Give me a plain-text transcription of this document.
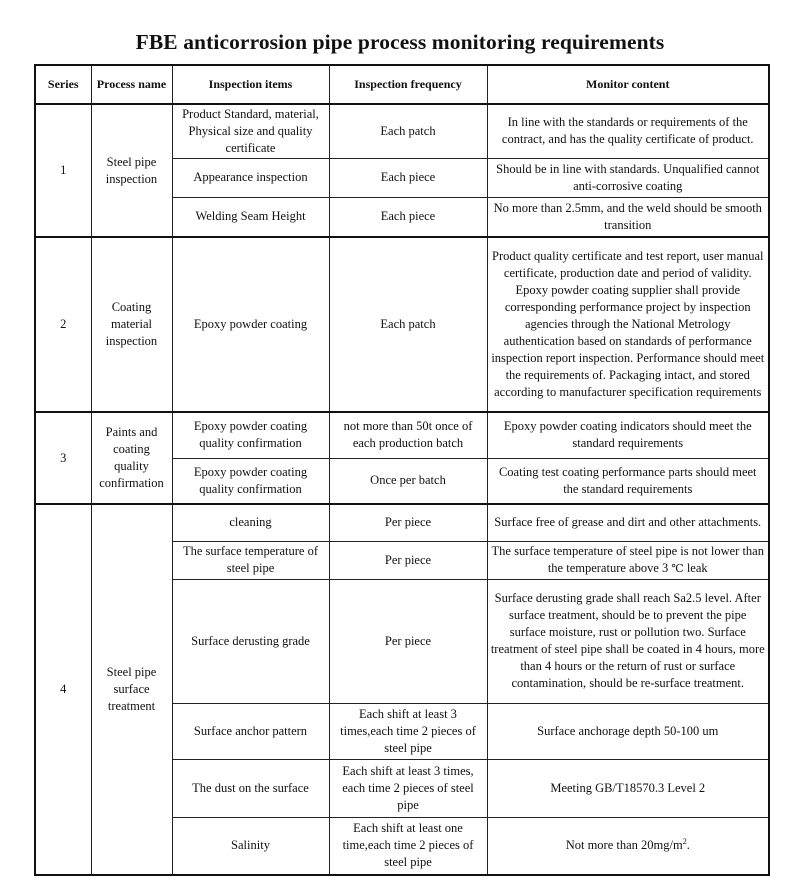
FBE anticorrosion pipe process monitoring requirements
Series	Process name	Inspection items	Inspection frequency	Monitor content
1	Steel pipe inspection	Product Standard, material, Physical size and quality certificate	Each patch	In line with the standards or requirements of the contract, and has the quality certificate of product.
		Appearance inspection	Each piece	Should be in line with standards. Unqualified cannot anti-corrosive coating
		Welding Seam Height	Each piece	No more than 2.5mm, and the weld should be smooth transition
2	Coating material inspection	Epoxy powder coating	Each patch	Product quality certificate and test report, user manual certificate, production date and period of validity. Epoxy powder coating supplier shall provide corresponding performance project by inspection agencies through the National Metrology authentication based on standards of performance inspection report inspection. Performance should meet the requirements of. Packaging intact, and stored according to manufacturer specification requirements
3	Paints and coating quality confirmation	Epoxy powder coating quality confirmation	not more than 50t once of each production batch	Epoxy powder coating indicators should meet the standard requirements
		Epoxy powder coating quality confirmation	Once per batch	Coating test coating performance parts should meet the standard requirements
4	Steel pipe surface treatment	cleaning	Per piece	Surface free of grease and dirt and other attachments.
		The surface temperature of steel pipe	Per piece	The surface temperature of steel pipe is not lower than the temperature above 3 ℃ leak
		Surface derusting grade	Per piece	Surface derusting grade shall reach Sa2.5 level. After surface treatment, should be to prevent the pipe surface moisture, rust or pollution two. Surface treatment of steel pipe shall be coated in 4 hours, more than 4 hours or the return of rust or surface contamination, should be re-surface treatment.
		Surface anchor pattern	Each shift at least 3 times,each time 2 pieces of steel pipe	Surface anchorage depth 50-100 um
		The dust on the surface	Each shift at least 3 times, each time 2 pieces of steel pipe	Meeting GB/T18570.3 Level 2
		Salinity	Each shift at least one time,each time 2 pieces of steel pipe	Not more than $20mg/m^2$.
